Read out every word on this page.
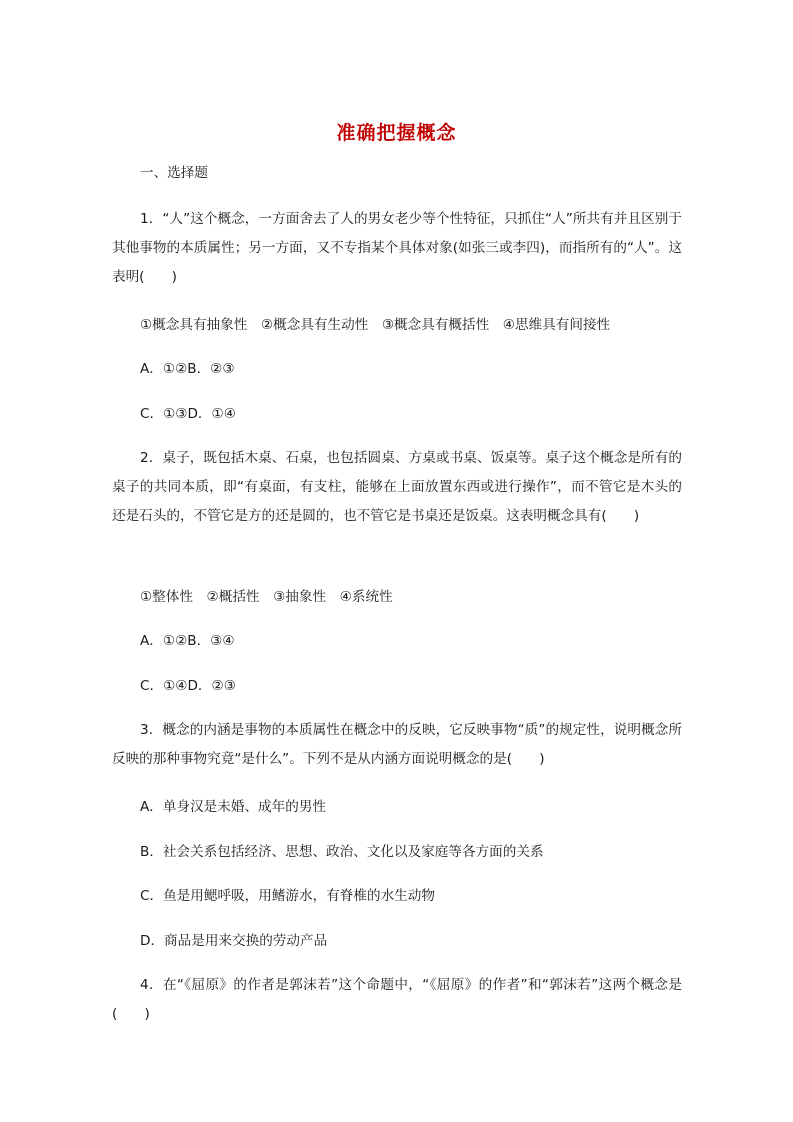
准确把握概念
一、选择题
1．“人”这个概念，一方面舍去了人的男女老少等个性特征，只抓住“人”所共有并且区别于其他事物的本质属性；另一方面，又不专指某个具体对象(如张三或李四)，而指所有的“人”。这表明(　　)
①概念具有抽象性　②概念具有生动性　③概念具有概括性　④思维具有间接性
A．①②B．②③
C．①③D．①④
2．桌子，既包括木桌、石桌，也包括圆桌、方桌或书桌、饭桌等。桌子这个概念是所有的桌子的共同本质，即“有桌面，有支柱，能够在上面放置东西或进行操作”，而不管它是木头的还是石头的，不管它是方的还是圆的，也不管它是书桌还是饭桌。这表明概念具有(　　)
①整体性　②概括性　③抽象性　④系统性
A．①②B．③④
C．①④D．②③
3．概念的内涵是事物的本质属性在概念中的反映，它反映事物“质”的规定性，说明概念所反映的那种事物究竟“是什么”。下列不是从内涵方面说明概念的是(　　)
A．单身汉是未婚、成年的男性
B．社会关系包括经济、思想、政治、文化以及家庭等各方面的关系
C．鱼是用鳃呼吸，用鳍游水，有脊椎的水生动物
D．商品是用来交换的劳动产品
4．在“《屈原》的作者是郭沫若”这个命题中，“《屈原》的作者”和“郭沫若”这两个概念是(　　)
